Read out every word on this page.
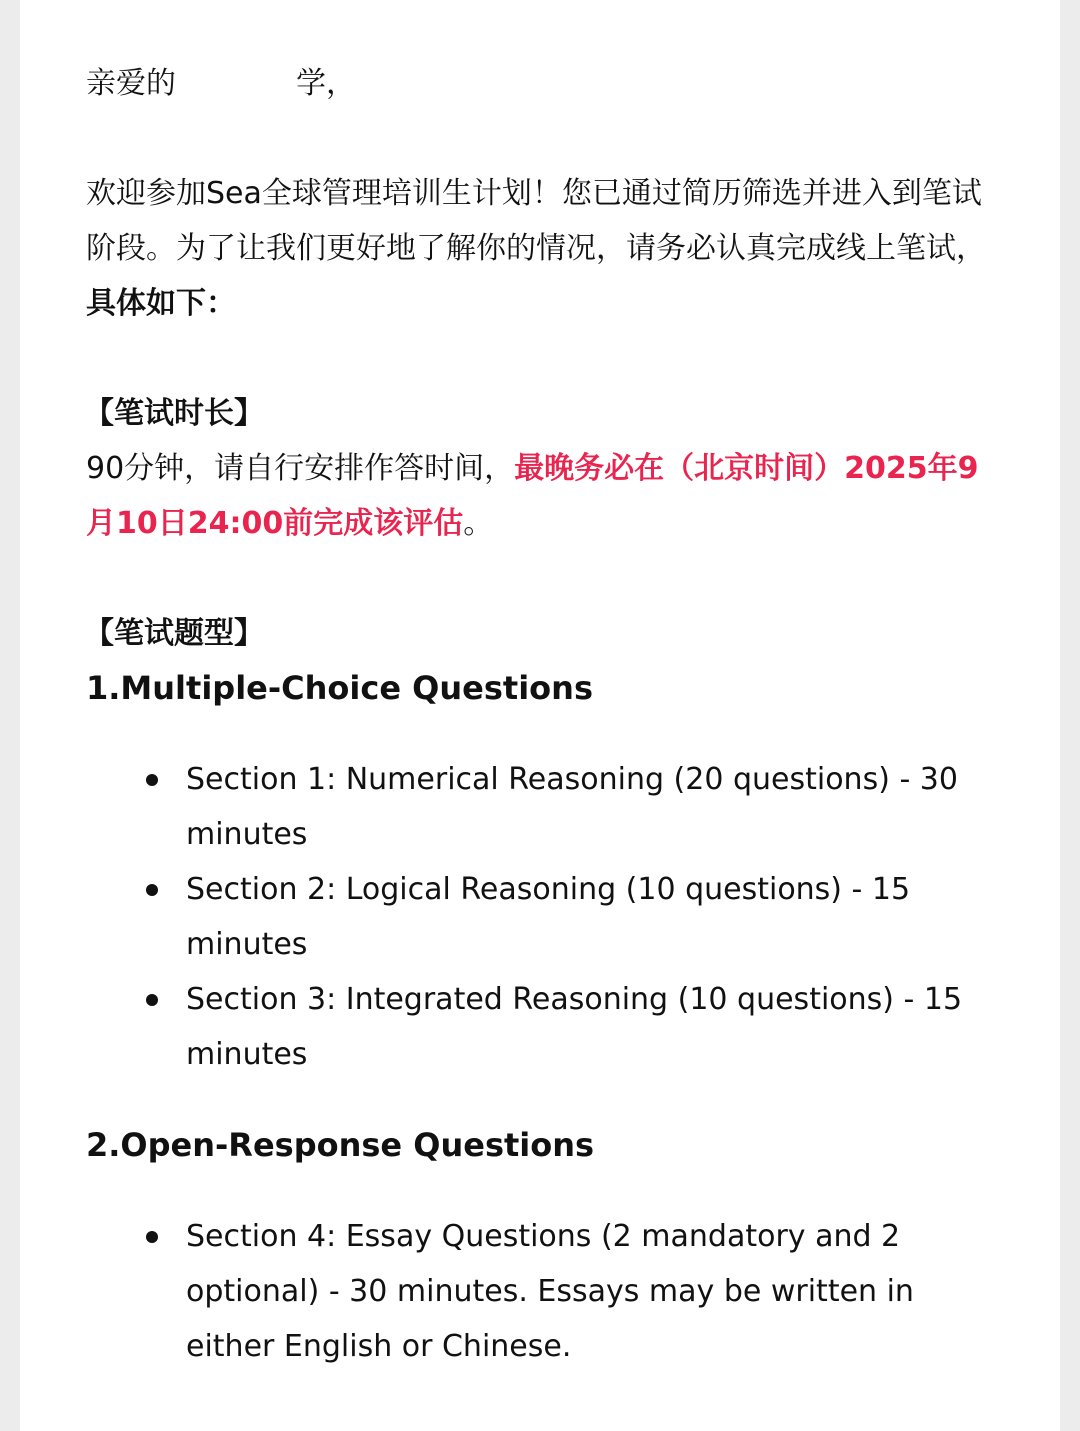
亲爱的	学，

欢迎参加Sea全球管理培训生计划！您已通过简历筛选并进入到笔试阶段。为了让我们更好地了解你的情况，请务必认真完成线上笔试，具体如下：

【笔试时长】

90分钟，请自行安排作答时间，最晚务必在（北京时间）2025年9月10日24:00前完成该评估。

【笔试题型】

1.Multiple-Choice Questions

Section 1: Numerical Reasoning (20 questions) - 30 minutes
Section 2: Logical Reasoning (10 questions) - 15 minutes
Section 3: Integrated Reasoning (10 questions) - 15 minutes

2.Open-Response Questions

Section 4: Essay Questions (2 mandatory and 2 optional) - 30 minutes. Essays may be written in either English or Chinese.
